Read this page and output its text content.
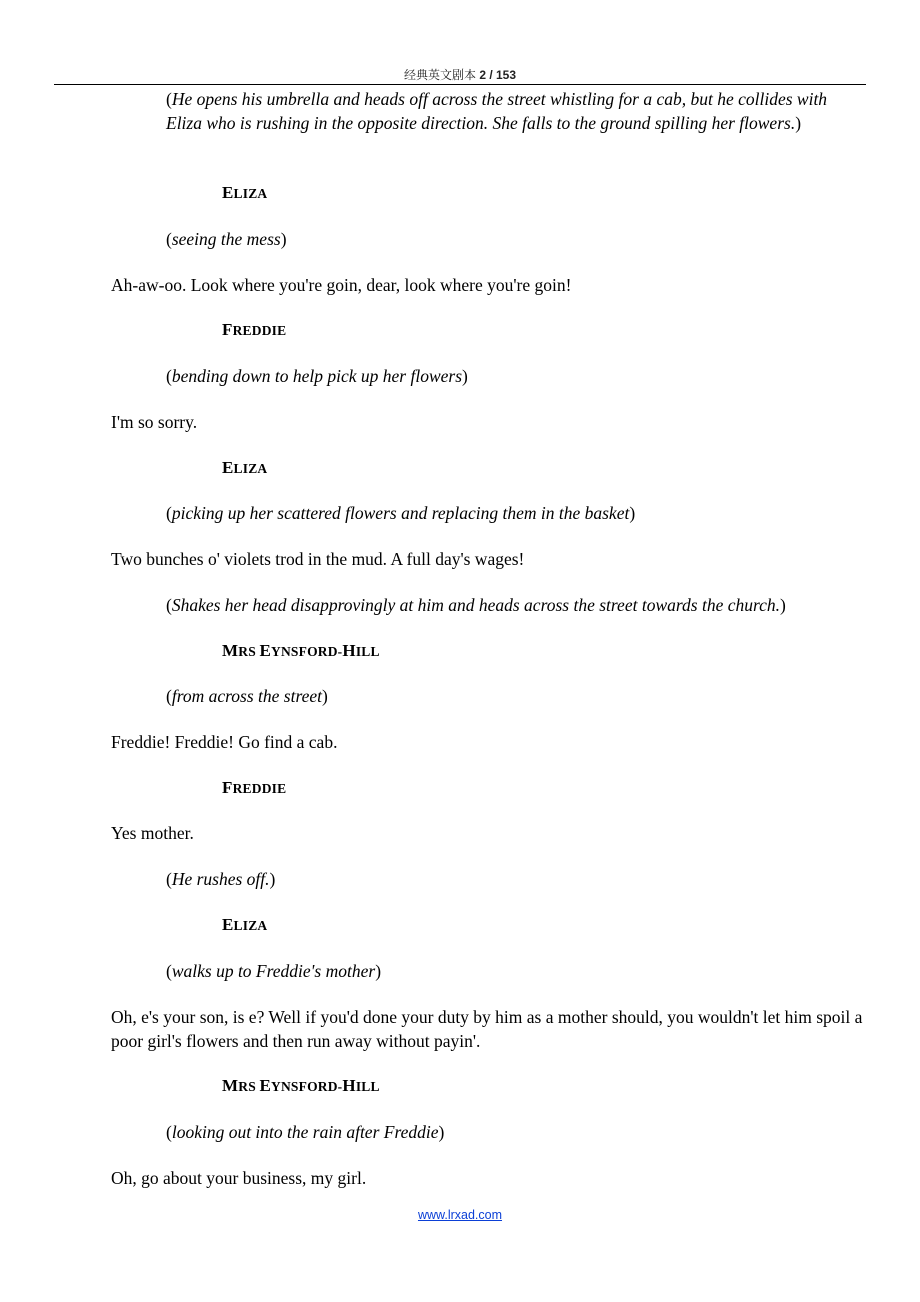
经典英文剧本 2 / 153
(He opens his umbrella and heads off across the street whistling for a cab, but he collides with Eliza who is rushing in the opposite direction. She falls to the ground spilling her flowers.)
ELIZA
(seeing the mess)
Ah-aw-oo. Look where you're goin, dear, look where you're goin!
FREDDIE
(bending down to help pick up her flowers)
I'm so sorry.
ELIZA
(picking up her scattered flowers and replacing them in the basket)
Two bunches o' violets trod in the mud. A full day's wages!
(Shakes her head disapprovingly at him and heads across the street towards the church.)
MRS EYNSFORD-HILL
(from across the street)
Freddie! Freddie! Go find a cab.
FREDDIE
Yes mother.
(He rushes off.)
ELIZA
(walks up to Freddie's mother)
Oh, e's your son, is e? Well if you'd done your duty by him as a mother should, you wouldn't let him spoil a poor girl's flowers and then run away without payin'.
MRS EYNSFORD-HILL
(looking out into the rain after Freddie)
Oh, go about your business, my girl.
www.lrxad.com
